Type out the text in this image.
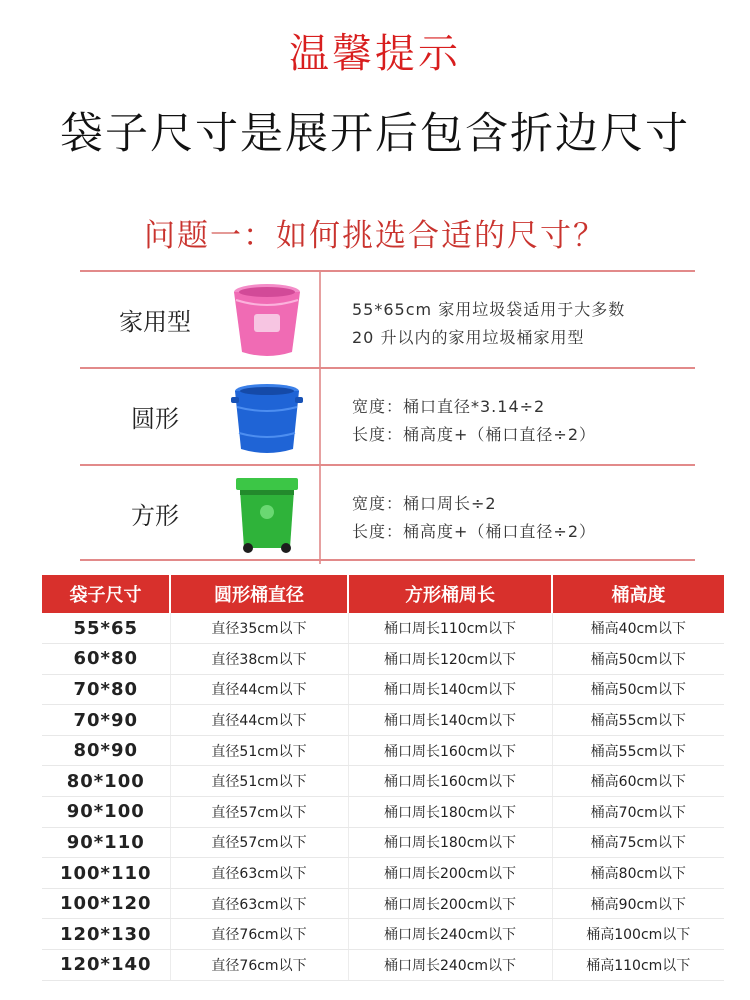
温馨提示
袋子尺寸是展开后包含折边尺寸
问题一：如何挑选合适的尺寸？
家用型	55*65cm 家用垃圾袋适用于大多数
20 升以内的家用垃圾桶家用型
圆形	宽度：桶口直径*3.14÷2
长度：桶高度+（桶口直径÷2）
方形	宽度：桶口周长÷2
长度：桶高度+（桶口直径÷2）
袋子尺寸	圆形桶直径	方形桶周长	桶高度
55*65	直径35cm以下	桶口周长110cm以下	桶高40cm以下
60*80	直径38cm以下	桶口周长120cm以下	桶高50cm以下
70*80	直径44cm以下	桶口周长140cm以下	桶高50cm以下
70*90	直径44cm以下	桶口周长140cm以下	桶高55cm以下
80*90	直径51cm以下	桶口周长160cm以下	桶高55cm以下
80*100	直径51cm以下	桶口周长160cm以下	桶高60cm以下
90*100	直径57cm以下	桶口周长180cm以下	桶高70cm以下
90*110	直径57cm以下	桶口周长180cm以下	桶高75cm以下
100*110	直径63cm以下	桶口周长200cm以下	桶高80cm以下
100*120	直径63cm以下	桶口周长200cm以下	桶高90cm以下
120*130	直径76cm以下	桶口周长240cm以下	桶高100cm以下
120*140	直径76cm以下	桶口周长240cm以下	桶高110cm以下
